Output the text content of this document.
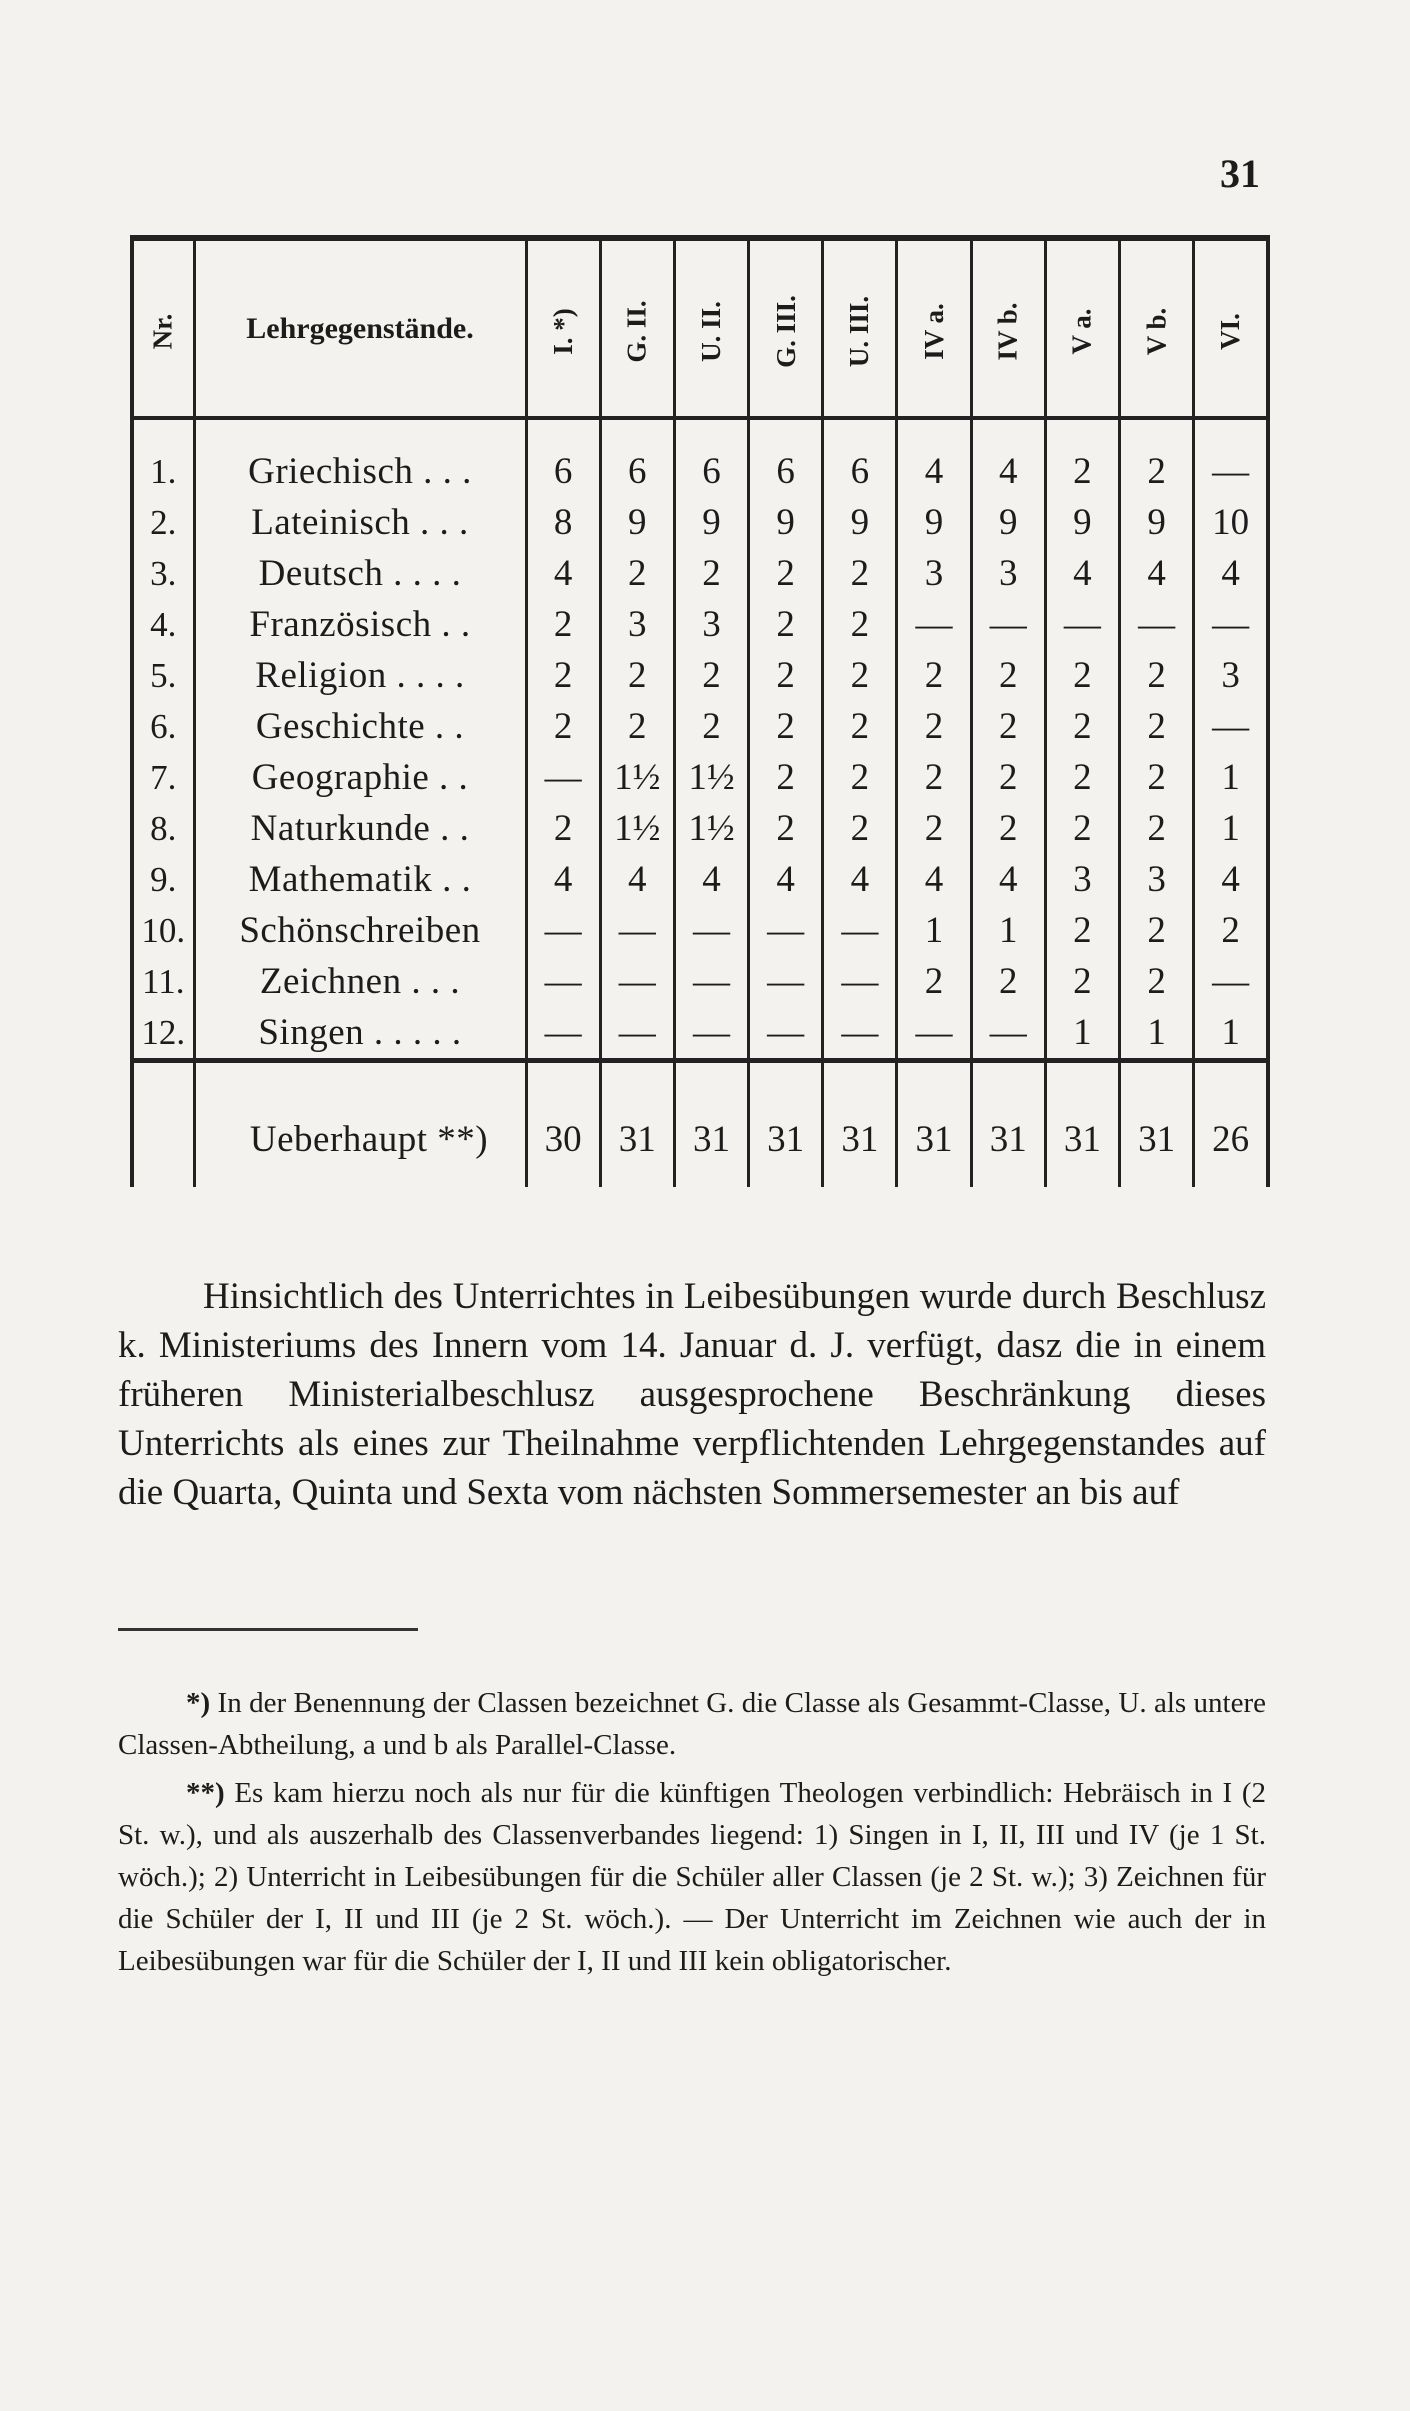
31
Nr.	Lehrgegenstände.	I. *)	G. II.	U. II.	G. III.	U. III.	IV a.	IV b.	V a.	V b.	VI.
1.	Griechisch . . .	6	6	6	6	6	4	4	2	2	—
2.	Lateinisch . . .	8	9	9	9	9	9	9	9	9	10
3.	Deutsch . . . .	4	2	2	2	2	3	3	4	4	4
4.	Französisch . .	2	3	3	2	2	—	—	—	—	—
5.	Religion . . . .	2	2	2	2	2	2	2	2	2	3
6.	Geschichte . .	2	2	2	2	2	2	2	2	2	—
7.	Geographie . .	—	1½	1½	2	2	2	2	2	2	1
8.	Naturkunde . .	2	1½	1½	2	2	2	2	2	2	1
9.	Mathematik . .	4	4	4	4	4	4	4	3	3	4
10.	Schönschreiben	—	—	—	—	—	1	1	2	2	2
11.	Zeichnen . . .	—	—	—	—	—	2	2	2	2	—
12.	Singen . . . . .	—	—	—	—	—	—	—	1	1	1
	Ueberhaupt **)	30	31	31	31	31	31	31	31	31	26

Hinsichtlich des Unterrichtes in Leibesübungen wurde durch Beschlusz k. Ministeriums des Innern vom 14. Januar d. J. verfügt, dasz die in einem früheren Ministerialbeschlusz ausgesprochene Beschränkung dieses Unterrichts als eines zur Theilnahme verpflichtenden Lehrgegenstandes auf die Quarta, Quinta und Sexta vom nächsten Sommersemester an bis auf

*) In der Benennung der Classen bezeichnet G. die Classe als Gesammt-Classe, U. als untere Classen-Abtheilung, a und b als Parallel-Classe.

**) Es kam hierzu noch als nur für die künftigen Theologen verbindlich: Hebräisch in I (2 St. w.), und als auszerhalb des Classenverbandes liegend: 1) Singen in I, II, III und IV (je 1 St. wöch.); 2) Unterricht in Leibesübungen für die Schüler aller Classen (je 2 St. w.); 3) Zeichnen für die Schüler der I, II und III (je 2 St. wöch.). — Der Unterricht im Zeichnen wie auch der in Leibesübungen war für die Schüler der I, II und III kein obligatorischer.
